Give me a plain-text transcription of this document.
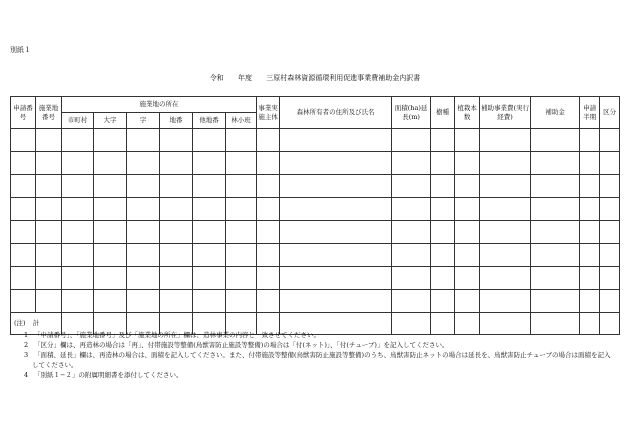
別紙１
令和 年度 三原村森林資源循環利用促進事業費補助金内訳書
申請番号	施業地番号	施業地の所在						事業実施主体	森林所有者の住所及び氏名	面積(ha)延長(m)	樹種	植栽本数	補助事業費(実行経費)	補助金	申請半期	区分
		市町村	大字	字	地番	他地番	林小班									

計																
(注)
1 「申請番号」、「施業地番号」及び「施業地の所在」欄は、造林事業の内容と一致させてください。
2 「区分」欄は、再造林の場合は「再」、付帯施設等整備(鳥獣害防止施設等整備)の場合は「付(ネット)」、「付(チューブ)」を記入してください。
3 「面積、延長」欄は、再造林の場合は、面積を記入してください。また、付帯施設等整備(鳥獣害防止施設等整備)のうち、鳥獣害防止ネットの場合は延長を、鳥獣害防止チューブの場合は面積を記入してください。
4 「別紙１−２」の附属明細書を添付してください。
